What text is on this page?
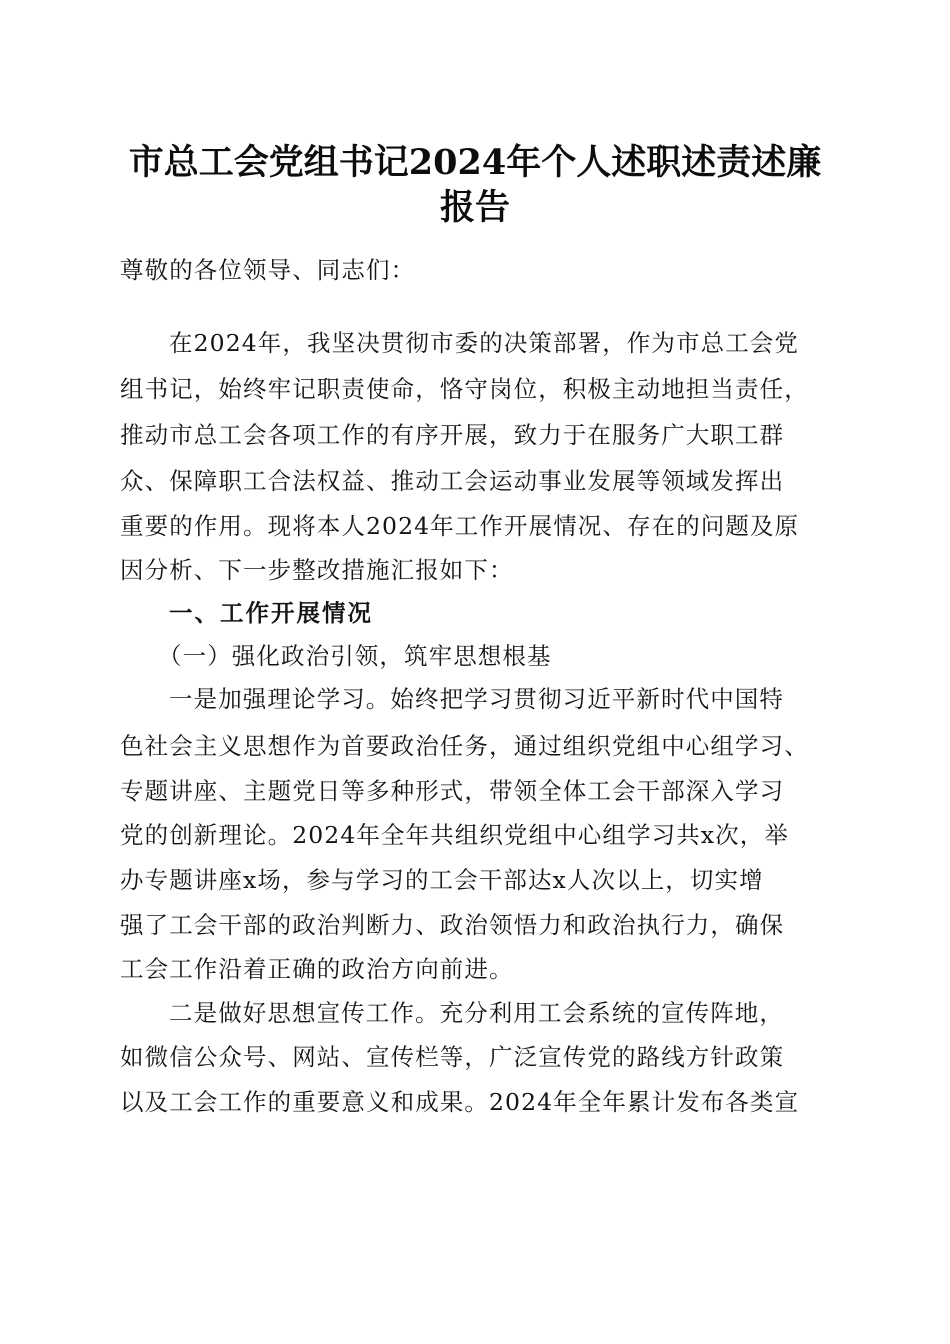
市总工会党组书记2024年个人述职述责述廉
报告
尊敬的各位领导、同志们：
在2024年，我坚决贯彻市委的决策部署，作为市总工会党
组书记，始终牢记职责使命，恪守岗位，积极主动地担当责任，
推动市总工会各项工作的有序开展，致力于在服务广大职工群
众、保障职工合法权益、推动工会运动事业发展等领域发挥出
重要的作用。现将本人2024年工作开展情况、存在的问题及原
因分析、下一步整改措施汇报如下：
一、工作开展情况
（一）强化政治引领，筑牢思想根基
一是加强理论学习。始终把学习贯彻习近平新时代中国特
色社会主义思想作为首要政治任务，通过组织党组中心组学习、
专题讲座、主题党日等多种形式，带领全体工会干部深入学习
党的创新理论。2024年全年共组织党组中心组学习共x次，举
办专题讲座x场，参与学习的工会干部达x人次以上，切实增
强了工会干部的政治判断力、政治领悟力和政治执行力，确保
工会工作沿着正确的政治方向前进。
二是做好思想宣传工作。充分利用工会系统的宣传阵地，
如微信公众号、网站、宣传栏等，广泛宣传党的路线方针政策
以及工会工作的重要意义和成果。2024年全年累计发布各类宣
